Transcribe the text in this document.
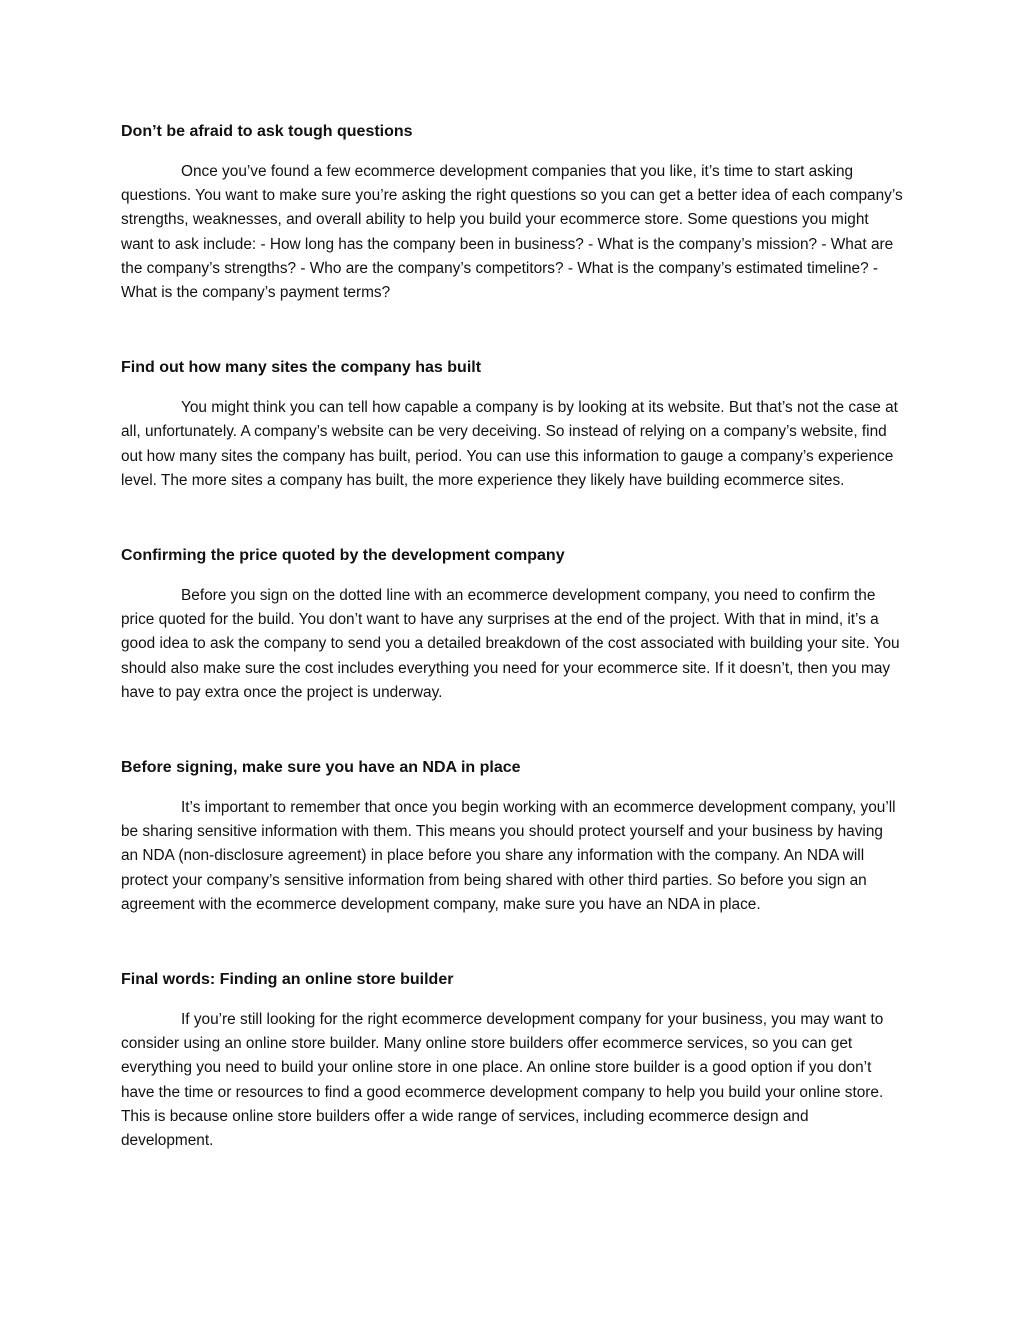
Don’t be afraid to ask tough questions

Once you’ve found a few ecommerce development companies that you like, it’s time to start asking questions. You want to make sure you’re asking the right questions so you can get a better idea of each company’s strengths, weaknesses, and overall ability to help you build your ecommerce store. Some questions you might want to ask include: - How long has the company been in business? - What is the company’s mission? - What are the company’s strengths? - Who are the company’s competitors? - What is the company’s estimated timeline? - What is the company’s payment terms?

Find out how many sites the company has built

You might think you can tell how capable a company is by looking at its website. But that’s not the case at all, unfortunately. A company’s website can be very deceiving. So instead of relying on a company’s website, find out how many sites the company has built, period. You can use this information to gauge a company’s experience level. The more sites a company has built, the more experience they likely have building ecommerce sites.

Confirming the price quoted by the development company

Before you sign on the dotted line with an ecommerce development company, you need to confirm the price quoted for the build. You don’t want to have any surprises at the end of the project. With that in mind, it’s a good idea to ask the company to send you a detailed breakdown of the cost associated with building your site. You should also make sure the cost includes everything you need for your ecommerce site. If it doesn’t, then you may have to pay extra once the project is underway.

Before signing, make sure you have an NDA in place

It’s important to remember that once you begin working with an ecommerce development company, you’ll be sharing sensitive information with them. This means you should protect yourself and your business by having an NDA (non-disclosure agreement) in place before you share any information with the company. An NDA will protect your company’s sensitive information from being shared with other third parties. So before you sign an agreement with the ecommerce development company, make sure you have an NDA in place.

Final words: Finding an online store builder

If you’re still looking for the right ecommerce development company for your business, you may want to consider using an online store builder. Many online store builders offer ecommerce services, so you can get everything you need to build your online store in one place. An online store builder is a good option if you don’t have the time or resources to find a good ecommerce development company to help you build your online store. This is because online store builders offer a wide range of services, including ecommerce design and development.
